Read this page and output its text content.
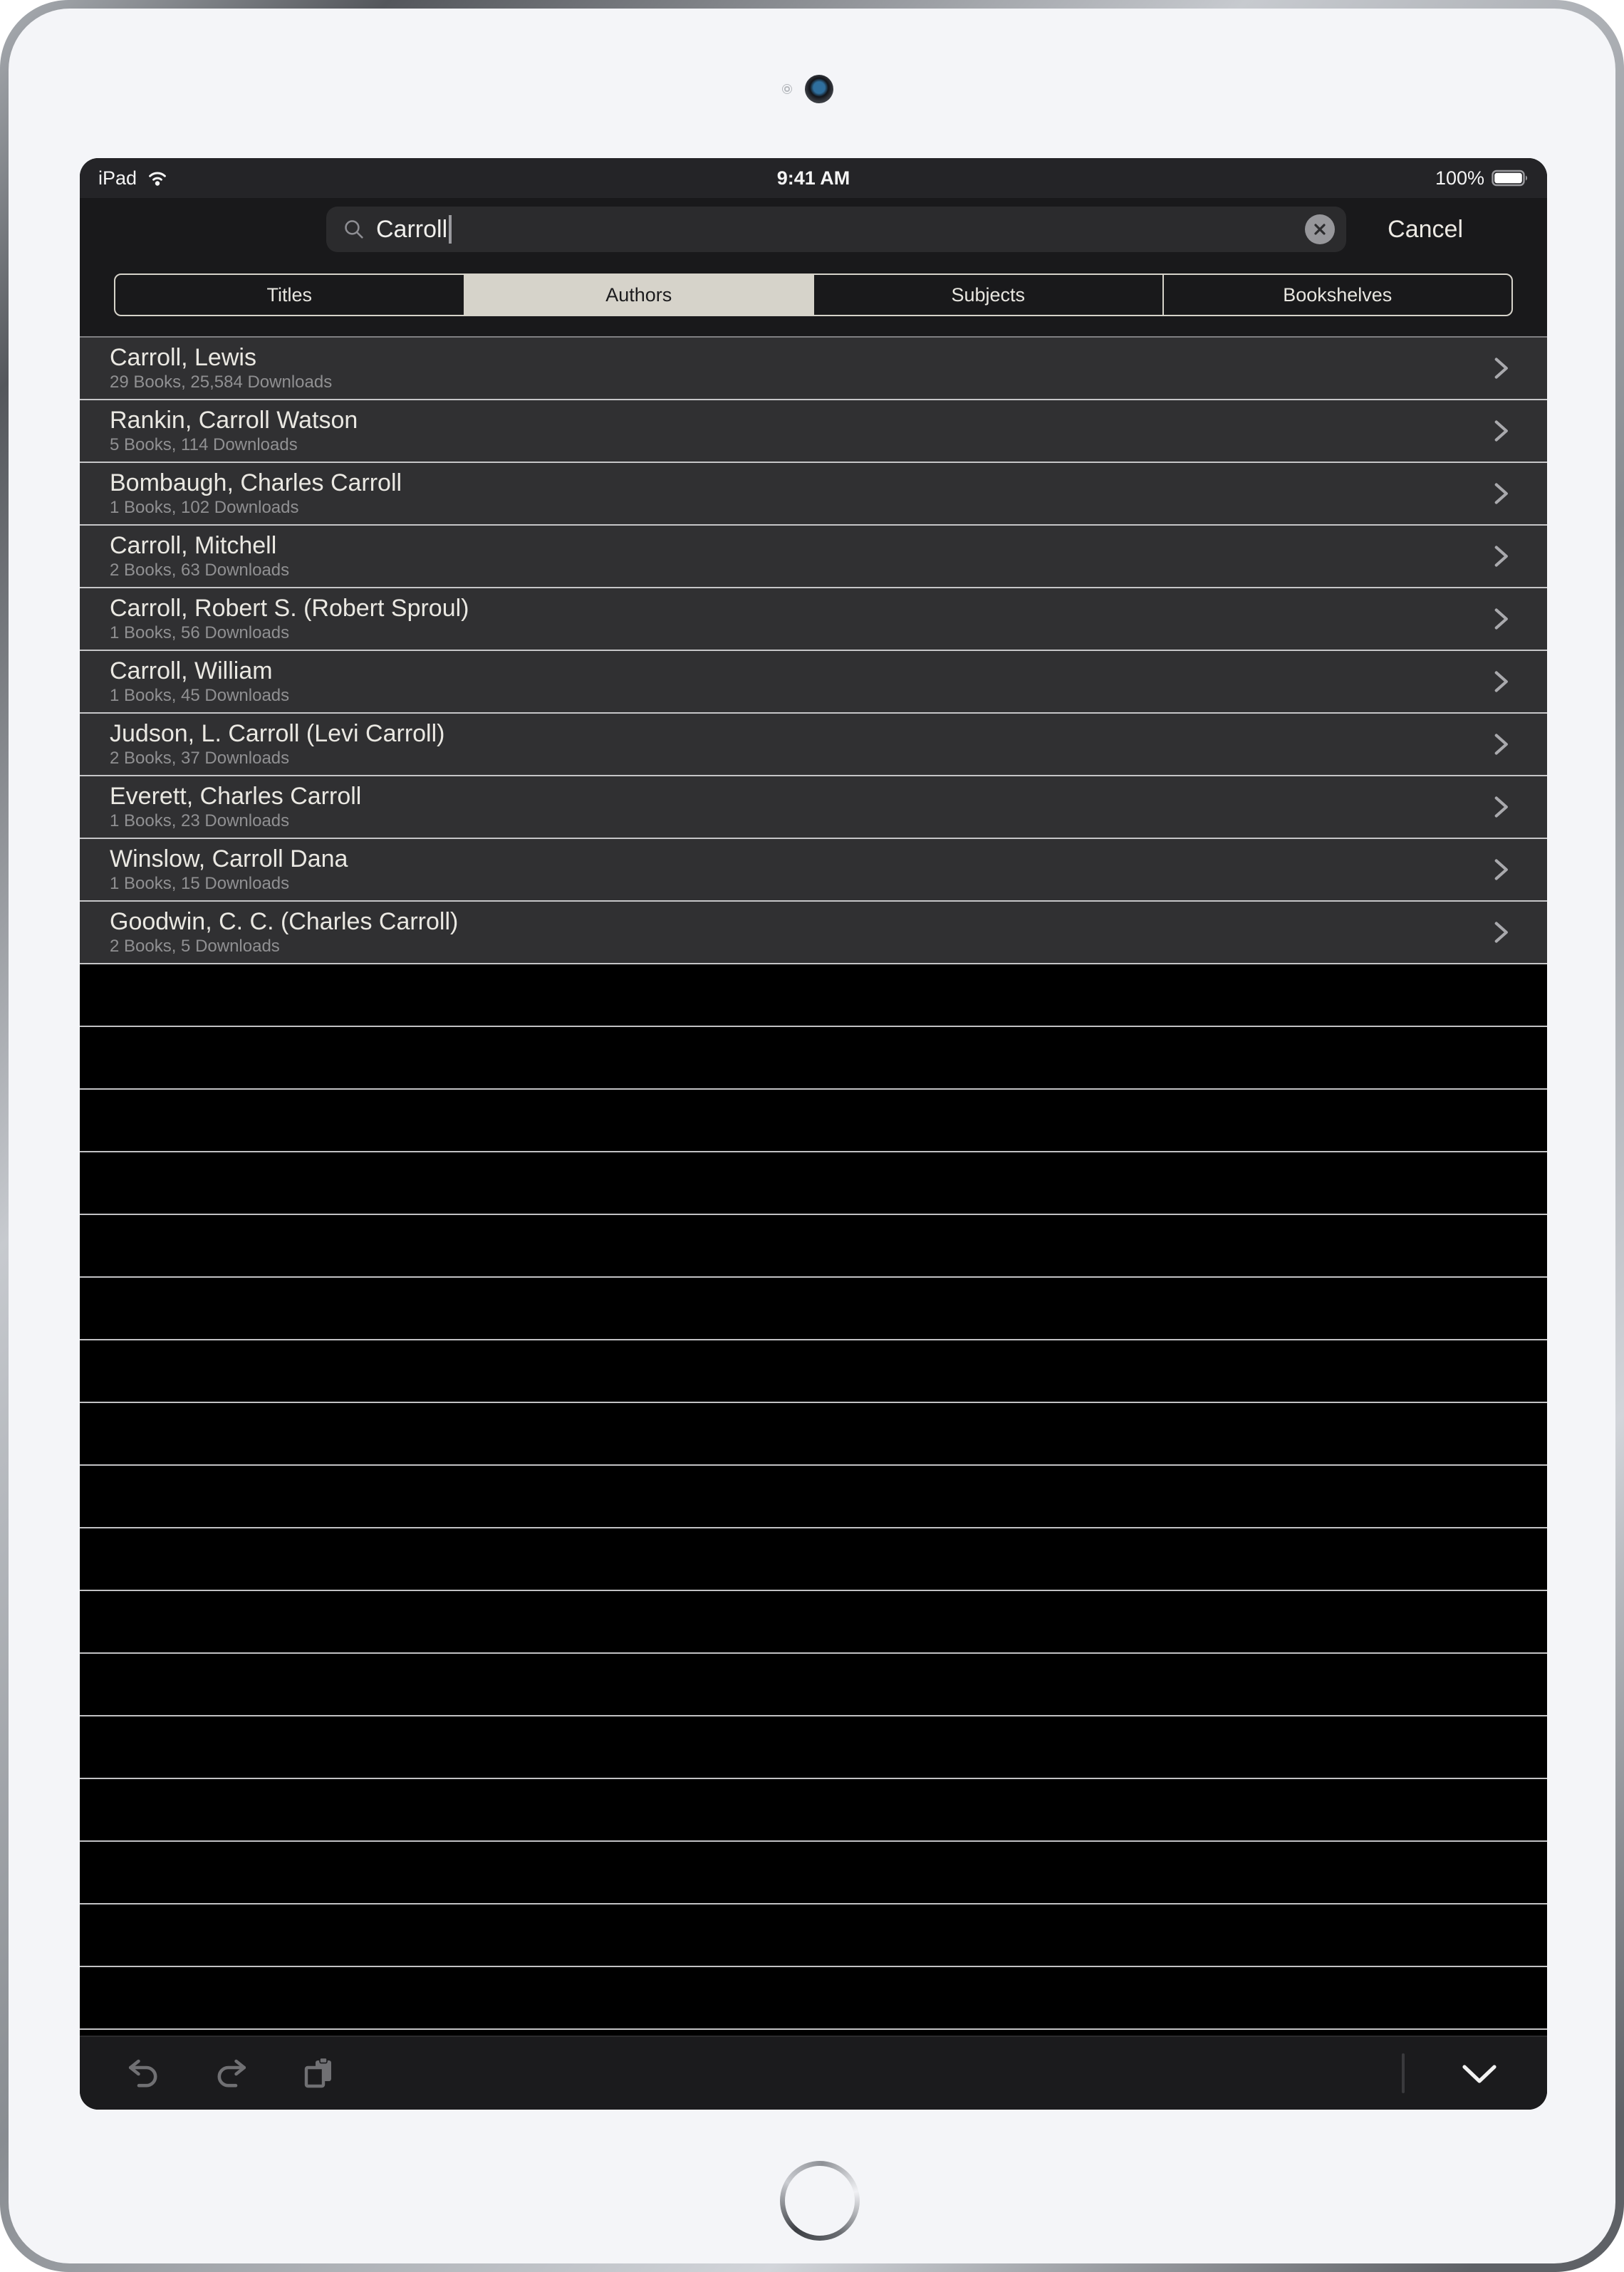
iPad	9:41 AM	100%
Carroll	Cancel
Titles	Authors	Subjects	Bookshelves
Carroll, Lewis
29 Books, 25,584 Downloads
Rankin, Carroll Watson
5 Books, 114 Downloads
Bombaugh, Charles Carroll
1 Books, 102 Downloads
Carroll, Mitchell
2 Books, 63 Downloads
Carroll, Robert S. (Robert Sproul)
1 Books, 56 Downloads
Carroll, William
1 Books, 45 Downloads
Judson, L. Carroll (Levi Carroll)
2 Books, 37 Downloads
Everett, Charles Carroll
1 Books, 23 Downloads
Winslow, Carroll Dana
1 Books, 15 Downloads
Goodwin, C. C. (Charles Carroll)
2 Books, 5 Downloads
